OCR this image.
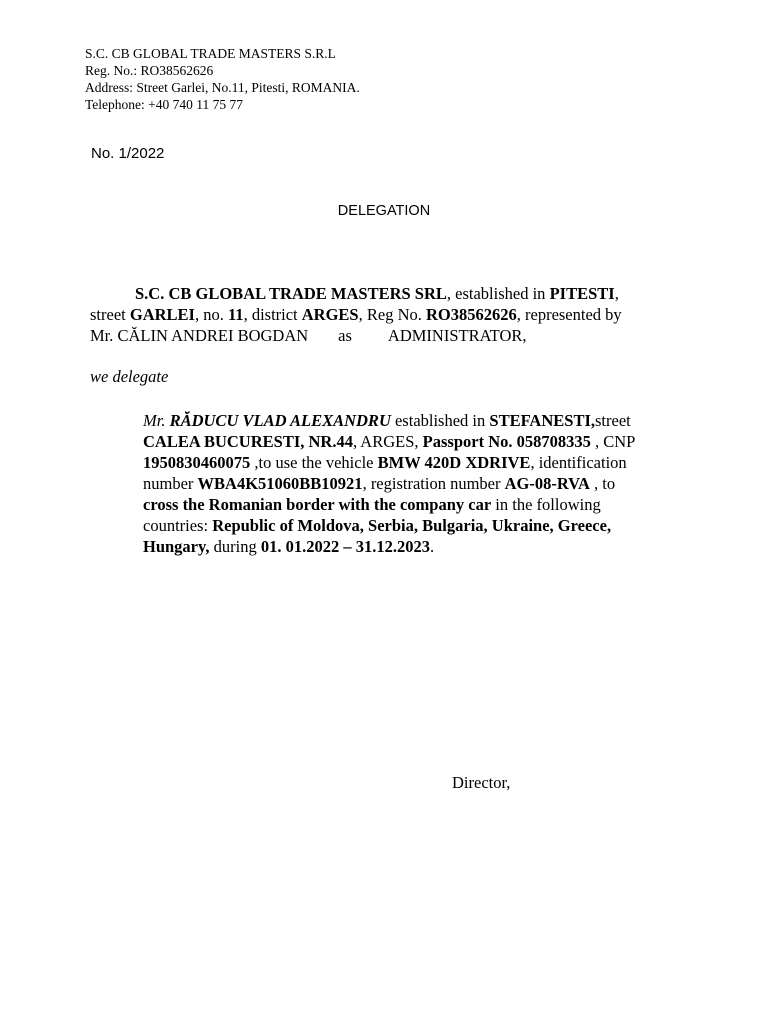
S.C. CB GLOBAL TRADE MASTERS S.R.L
Reg. No.: RO38562626
Address: Street Garlei, No.11, Pitesti, ROMANIA.
Telephone: +40 740 11 75 77
No. 1/2022
DELEGATION
S.C. CB GLOBAL TRADE MASTERS SRL, established in PITESTI,
street GARLEI, no. 11, district ARGES, Reg No. RO38562626, represented by
Mr. CĂLIN ANDREI BOGDAN as ADMINISTRATOR,
we delegate
Mr. RĂDUCU VLAD ALEXANDRU established in STEFANESTI,street
CALEA BUCURESTI, NR.44, ARGES, Passport No. 058708335 , CNP
1950830460075 ,to use the vehicle BMW 420D XDRIVE, identification
number WBA4K51060BB10921, registration number AG-08-RVA , to
cross the Romanian border with the company car in the following
countries: Republic of Moldova, Serbia, Bulgaria, Ukraine, Greece,
Hungary, during 01. 01.2022 – 31.12.2023.
Director,
